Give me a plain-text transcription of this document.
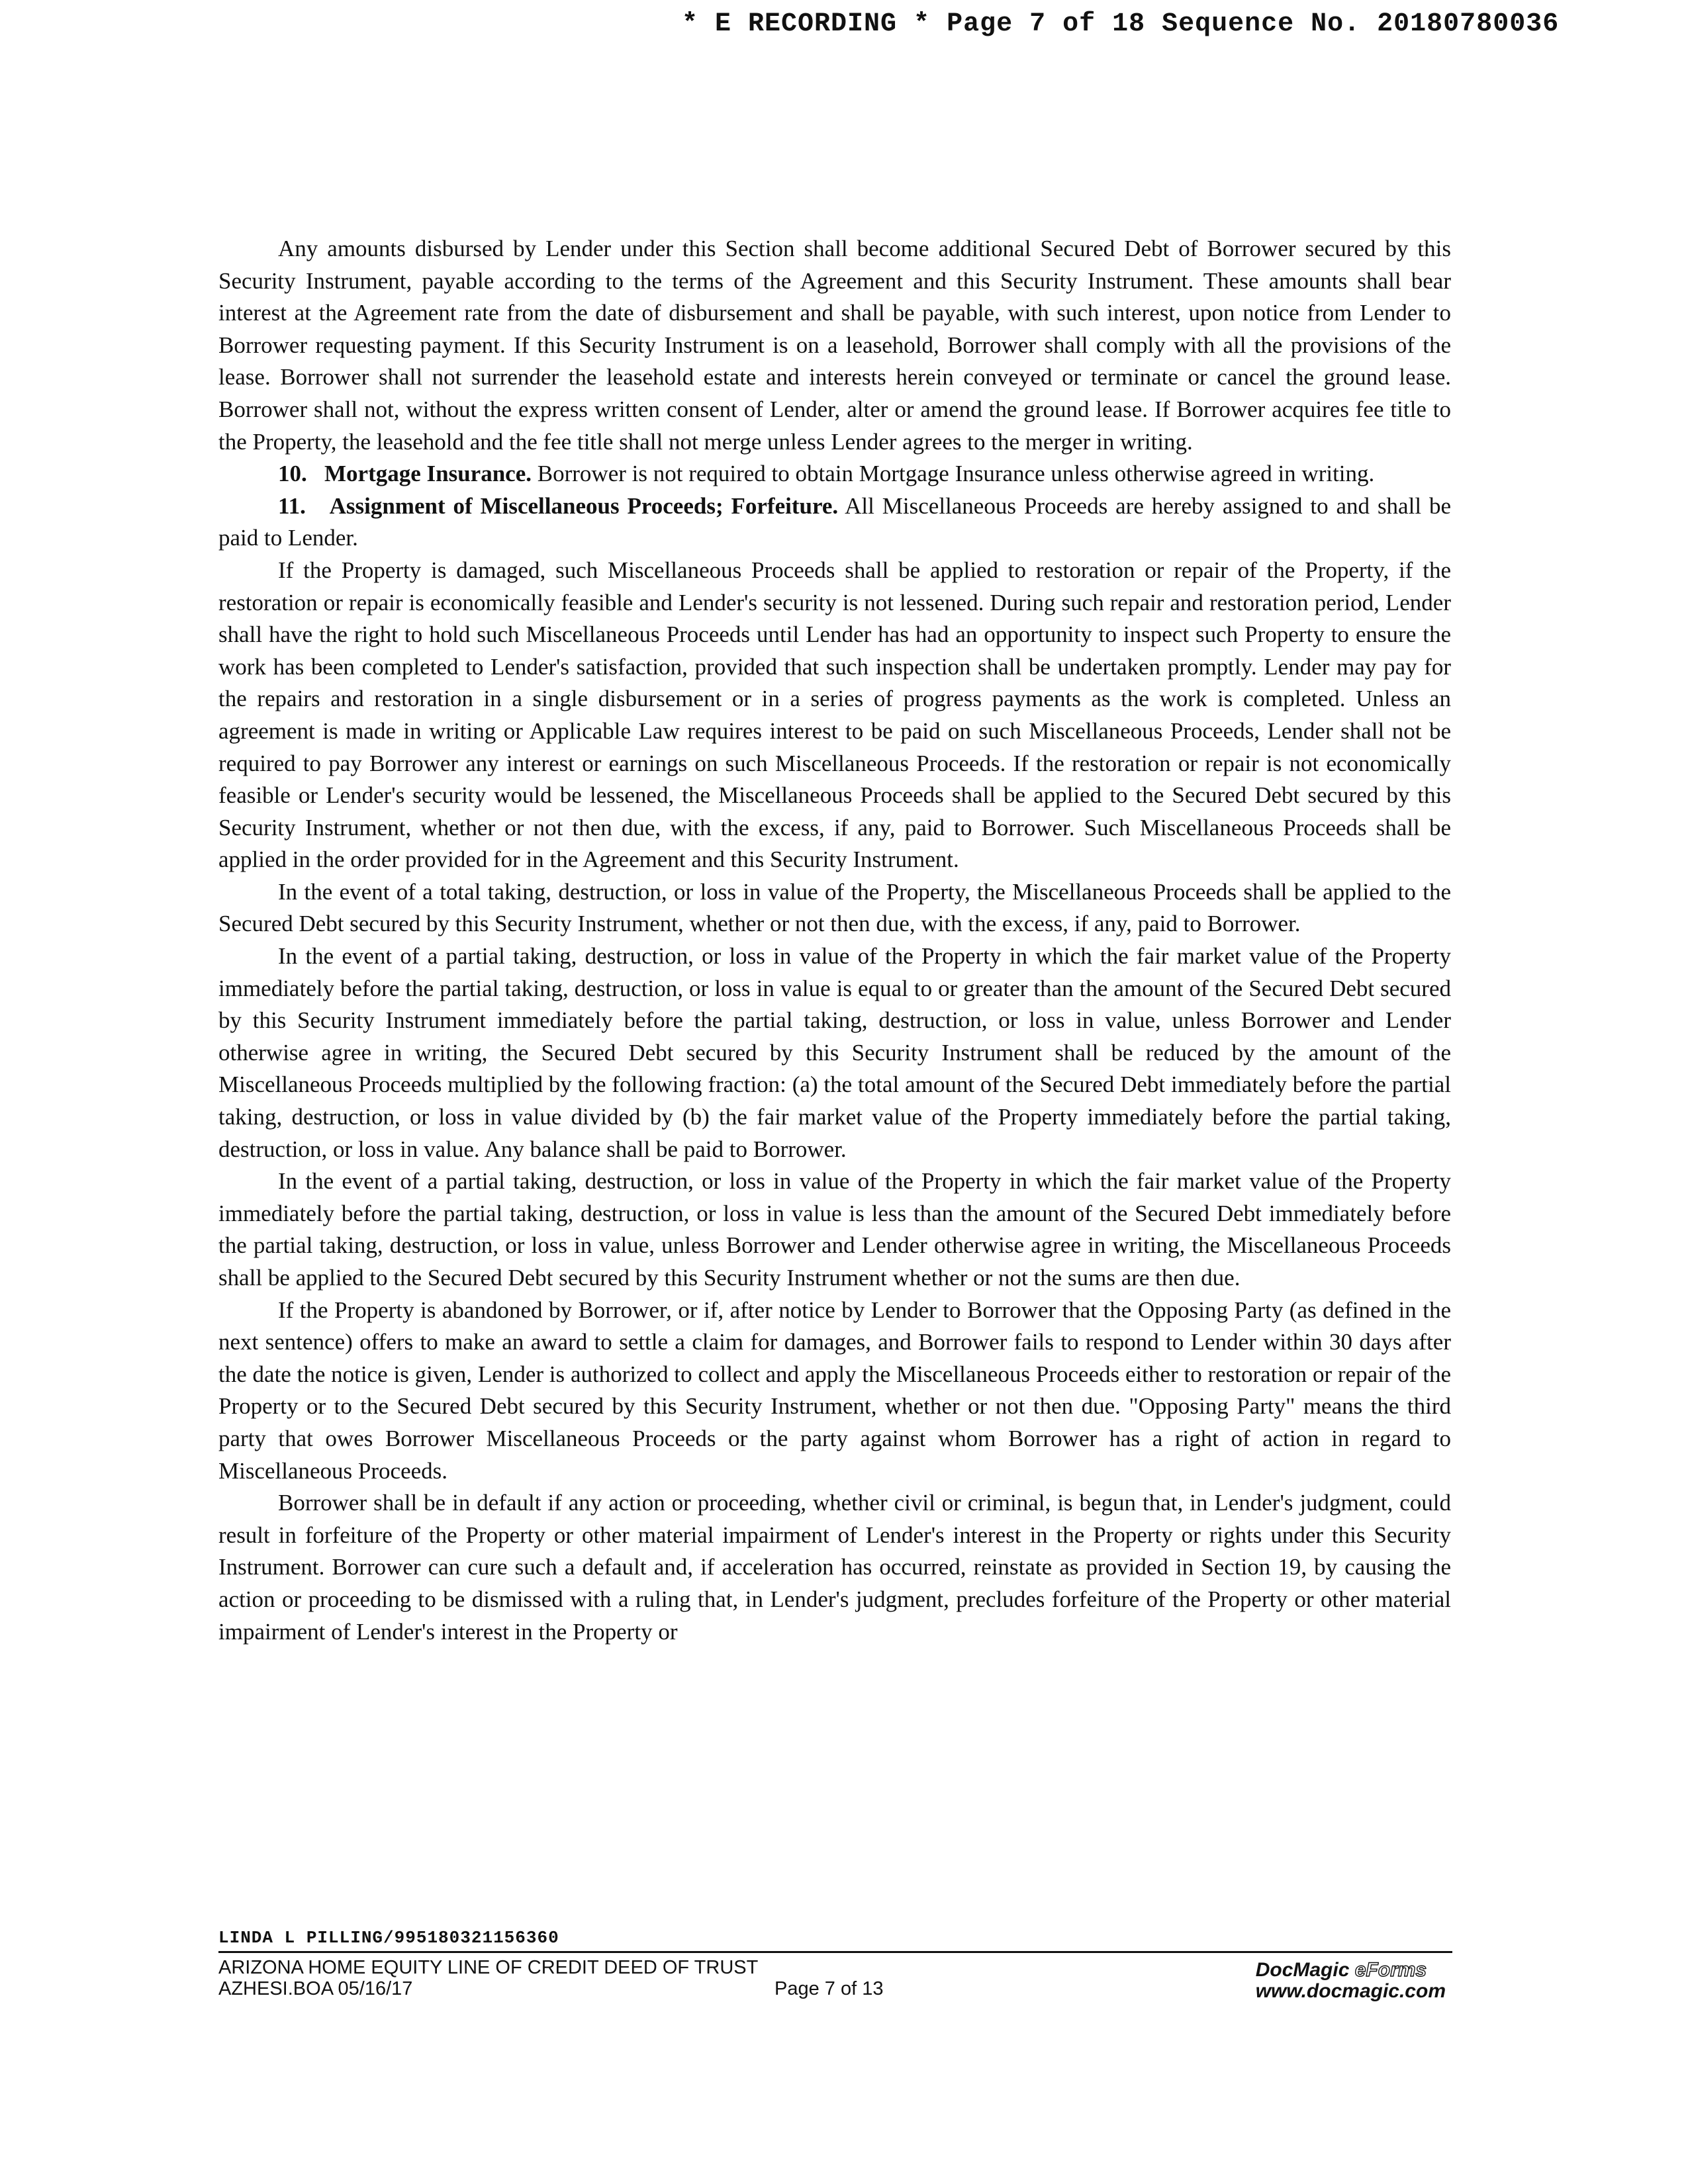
* E RECORDING * Page 7 of 18 Sequence No. 20180780036

Any amounts disbursed by Lender under this Section shall become additional Secured Debt of Borrower secured by this Security Instrument, payable according to the terms of the Agreement and this Security Instrument. These amounts shall bear interest at the Agreement rate from the date of disbursement and shall be payable, with such interest, upon notice from Lender to Borrower requesting payment. If this Security Instrument is on a leasehold, Borrower shall comply with all the provisions of the lease. Borrower shall not surrender the leasehold estate and interests herein conveyed or terminate or cancel the ground lease. Borrower shall not, without the express written consent of Lender, alter or amend the ground lease. If Borrower acquires fee title to the Property, the leasehold and the fee title shall not merge unless Lender agrees to the merger in writing.

10. Mortgage Insurance. Borrower is not required to obtain Mortgage Insurance unless otherwise agreed in writing.

11. Assignment of Miscellaneous Proceeds; Forfeiture. All Miscellaneous Proceeds are hereby assigned to and shall be paid to Lender.

If the Property is damaged, such Miscellaneous Proceeds shall be applied to restoration or repair of the Property, if the restoration or repair is economically feasible and Lender's security is not lessened. During such repair and restoration period, Lender shall have the right to hold such Miscellaneous Proceeds until Lender has had an opportunity to inspect such Property to ensure the work has been completed to Lender's satisfaction, provided that such inspection shall be undertaken promptly. Lender may pay for the repairs and restoration in a single disbursement or in a series of progress payments as the work is completed. Unless an agreement is made in writing or Applicable Law requires interest to be paid on such Miscellaneous Proceeds, Lender shall not be required to pay Borrower any interest or earnings on such Miscellaneous Proceeds. If the restoration or repair is not economically feasible or Lender's security would be lessened, the Miscellaneous Proceeds shall be applied to the Secured Debt secured by this Security Instrument, whether or not then due, with the excess, if any, paid to Borrower. Such Miscellaneous Proceeds shall be applied in the order provided for in the Agreement and this Security Instrument.

In the event of a total taking, destruction, or loss in value of the Property, the Miscellaneous Proceeds shall be applied to the Secured Debt secured by this Security Instrument, whether or not then due, with the excess, if any, paid to Borrower.

In the event of a partial taking, destruction, or loss in value of the Property in which the fair market value of the Property immediately before the partial taking, destruction, or loss in value is equal to or greater than the amount of the Secured Debt secured by this Security Instrument immediately before the partial taking, destruction, or loss in value, unless Borrower and Lender otherwise agree in writing, the Secured Debt secured by this Security Instrument shall be reduced by the amount of the Miscellaneous Proceeds multiplied by the following fraction: (a) the total amount of the Secured Debt immediately before the partial taking, destruction, or loss in value divided by (b) the fair market value of the Property immediately before the partial taking, destruction, or loss in value. Any balance shall be paid to Borrower.

In the event of a partial taking, destruction, or loss in value of the Property in which the fair market value of the Property immediately before the partial taking, destruction, or loss in value is less than the amount of the Secured Debt immediately before the partial taking, destruction, or loss in value, unless Borrower and Lender otherwise agree in writing, the Miscellaneous Proceeds shall be applied to the Secured Debt secured by this Security Instrument whether or not the sums are then due.

If the Property is abandoned by Borrower, or if, after notice by Lender to Borrower that the Opposing Party (as defined in the next sentence) offers to make an award to settle a claim for damages, and Borrower fails to respond to Lender within 30 days after the date the notice is given, Lender is authorized to collect and apply the Miscellaneous Proceeds either to restoration or repair of the Property or to the Secured Debt secured by this Security Instrument, whether or not then due. "Opposing Party" means the third party that owes Borrower Miscellaneous Proceeds or the party against whom Borrower has a right of action in regard to Miscellaneous Proceeds.

Borrower shall be in default if any action or proceeding, whether civil or criminal, is begun that, in Lender's judgment, could result in forfeiture of the Property or other material impairment of Lender's interest in the Property or rights under this Security Instrument. Borrower can cure such a default and, if acceleration has occurred, reinstate as provided in Section 19, by causing the action or proceeding to be dismissed with a ruling that, in Lender's judgment, precludes forfeiture of the Property or other material impairment of Lender's interest in the Property or

LINDA L PILLING/995180321156360
ARIZONA HOME EQUITY LINE OF CREDIT DEED OF TRUST
AZHESI.BOA 05/16/17	Page 7 of 13
DocMagic eForms
www.docmagic.com
